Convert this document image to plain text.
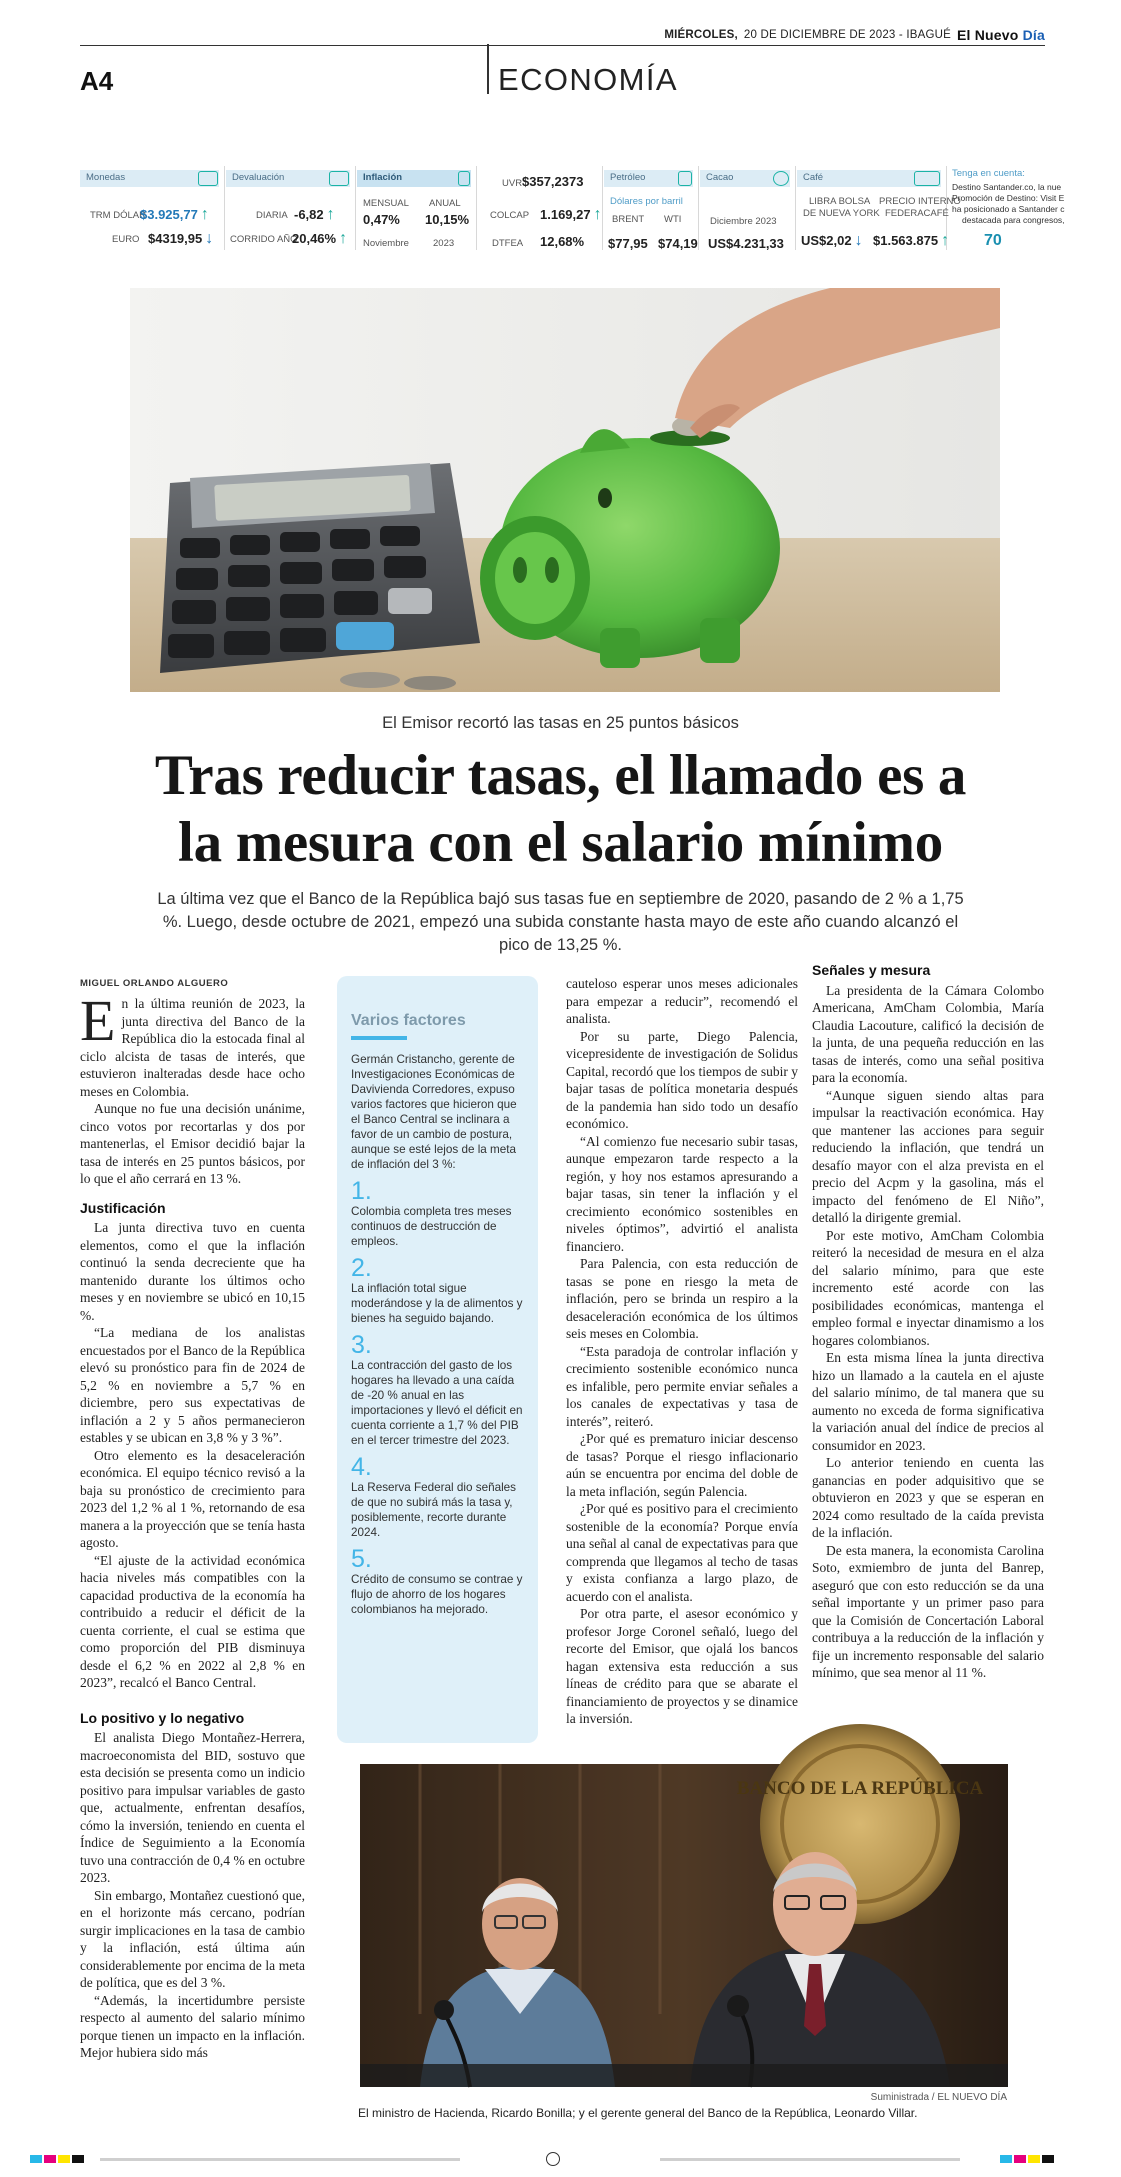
MIÉRCOLES, 20 DE DICIEMBRE DE 2023 - IBAGUÉ El Nuevo Día
A4	ECONOMÍA
Monedas
TRM DÓLAR
$3.925,77 ↑
EURO $4319,95 ↓
Devaluación
DIARIA -6,82 ↑
CORRIDO AÑO
20,46% ↑
Inflación
MENSUAL ANUAL
0,47% 10,15%
Noviembre	2023
UVR $357,2373
COLCAP 1.169,27 ↑
DTFEA 12,68%
Petróleo
Dólares por barril
BRENT WTI
$77,95 $74,19
Cacao
Diciembre 2023
US$4.231,33
Café
LIBRA BOLSA
DE NUEVA YORK
PRECIO INTERNO
FEDERACAFÉ
US$2,02 ↓	$1.563.875 ↑
Tenga en cuenta:
Destino Santander.co, la nue
Promoción de Destino: Visit E
ha posicionado a Santander c
destacada para congresos,
70
El Emisor recortó las tasas en 25 puntos básicos
Tras reducir tasas, el llamado es a
la mesura con el salario mínimo
La última vez que el Banco de la República bajó sus tasas fue en septiembre de 2020, pasando de 2 % a 1,75 %. Luego, desde octubre de 2021, empezó una subida constante hasta mayo de este año cuando alcanzó el pico de 13,25 %.
MIGUEL ORLANDO ALGUERO

En la última reunión de 2023, la junta directiva del Banco de la República dio la estocada final al ciclo alcista de tasas de interés, que estuvieron inalteradas desde hace ocho meses en Colombia.

Aunque no fue una decisión unánime, cinco votos por recortarlas y dos por mantenerlas, el Emisor decidió bajar la tasa de interés en 25 puntos básicos, por lo que el año cerrará en 13 %.

Justificación

La junta directiva tuvo en cuenta elementos, como el que la inflación continuó la senda decreciente que ha mantenido durante los últimos ocho meses y en noviembre se ubicó en 10,15 %.

“La mediana de los analistas encuestados por el Banco de la República elevó su pronóstico para fin de 2024 de 5,2 % en noviembre a 5,7 % en diciembre, pero sus expectativas de inflación a 2 y 5 años permanecieron estables y se ubican en 3,8 % y 3 %”.

Otro elemento es la desaceleración económica. El equipo técnico revisó a la baja su pronóstico de crecimiento para 2023 del 1,2 % al 1 %, retornando de esa manera a la proyección que se tenía hasta agosto.

“El ajuste de la actividad económica hacia niveles más compatibles con la capacidad productiva de la economía ha contribuido a reducir el déficit de la cuenta corriente, el cual se estima que como proporción del PIB disminuya desde el 6,2 % en 2022 al 2,8 % en 2023”, recalcó el Banco Central.

Lo positivo y lo negativo

El analista Diego Montañez-Herrera, macroeconomista del BID, sostuvo que esta decisión se presenta como un indicio positivo para impulsar variables de gasto que, actualmente, enfrentan desafíos, cómo la inversión, teniendo en cuenta el Índice de Seguimiento a la Economía tuvo una contracción de 0,4 % en octubre 2023.

Sin embargo, Montañez cuestionó que, en el horizonte más cercano, podrían surgir implicaciones en la tasa de cambio y la inflación, está última aún considerablemente por encima de la meta de política, que es del 3 %.

“Además, la incertidumbre persiste respecto al aumento del salario mínimo porque tienen un impacto en la inflación. Mejor hubiera sido más

Varios factores
Germán Cristancho, gerente de Investigaciones Económicas de Davivienda Corredores, expuso varios factores que hicieron que el Banco Central se inclinara a favor de un cambio de postura, aunque se esté lejos de la meta de inflación del 3 %:
1.
Colombia completa tres meses continuos de destrucción de empleos.
2.
La inflación total sigue moderándose y la de alimentos y bienes ha seguido bajando.
3.
La contracción del gasto de los hogares ha llevado a una caída de -20 % anual en las importaciones y llevó el déficit en cuenta corriente a 1,7 % del PIB en el tercer trimestre del 2023.
4.
La Reserva Federal dio señales de que no subirá más la tasa y, posiblemente, recorte durante 2024.
5.
Crédito de consumo se contrae y flujo de ahorro de los hogares colombianos ha mejorado.

cauteloso esperar unos meses adicionales para empezar a reducir”, recomendó el analista.

Por su parte, Diego Palencia, vicepresidente de investigación de Solidus Capital, recordó que los tiempos de subir y bajar tasas de política monetaria después de la pandemia han sido todo un desafío económico.

“Al comienzo fue necesario subir tasas, aunque empezaron tarde respecto a la región, y hoy nos estamos apresurando a bajar tasas, sin tener la inflación y el crecimiento económico sostenibles en niveles óptimos”, advirtió el analista financiero.

Para Palencia, con esta reducción de tasas se pone en riesgo la meta de inflación, pero se brinda un respiro a la desaceleración económica de los últimos seis meses en Colombia.

“Esta paradoja de controlar inflación y crecimiento sostenible económico nunca es infalible, pero permite enviar señales a los canales de expectativas y tasa de interés”, reiteró.

¿Por qué es prematuro iniciar descenso de tasas? Porque el riesgo inflacionario aún se encuentra por encima del doble de la meta inflación, según Palencia.

¿Por qué es positivo para el crecimiento sostenible de la economía? Porque envía una señal al canal de expectativas para que comprenda que llegamos al techo de tasas y exista confianza a largo plazo, de acuerdo con el analista.

Por otra parte, el asesor económico y profesor Jorge Coronel señaló, luego del recorte del Emisor, que ojalá los bancos hagan extensiva esta reducción a sus líneas de crédito para que se abarate el financiamiento de proyectos y se dinamice la inversión.

Señales y mesura

La presidenta de la Cámara Colombo Americana, AmCham Colombia, María Claudia Lacouture, calificó la decisión de la junta, de una pequeña reducción en las tasas de interés, como una señal positiva para la economía.

“Aunque siguen siendo altas para impulsar la reactivación económica. Hay que mantener las acciones para seguir reduciendo la inflación, que tendrá un desafío mayor con el alza prevista en el precio del Acpm y la gasolina, más el impacto del fenómeno de El Niño”, detalló la dirigente gremial.

Por este motivo, AmCham Colombia reiteró la necesidad de mesura en el alza del salario mínimo, para que este incremento esté acorde con las posibilidades económicas, mantenga el empleo formal e inyectar dinamismo a los hogares colombianos.

En esta misma línea la junta directiva hizo un llamado a la cautela en el ajuste del salario mínimo, de tal manera que su aumento no exceda de forma significativa la variación anual del índice de precios al consumidor en 2023.

Lo anterior teniendo en cuenta las ganancias en poder adquisitivo que se obtuvieron en 2023 y que se esperan en 2024 como resultado de la caída prevista de la inflación.

De esta manera, la economista Carolina Soto, exmiembro de junta del Banrep, aseguró que con esto reducción se da una señal importante y un primer paso para que la Comisión de Concertación Laboral contribuya a la reducción de la inflación y fije un incremento responsable del salario mínimo, que sea menor al 11 %.

BANCO DE LA REPÚBLICA
Suministrada / EL NUEVO DÍA
El ministro de Hacienda, Ricardo Bonilla; y el gerente general del Banco de la República, Leonardo Villar.
